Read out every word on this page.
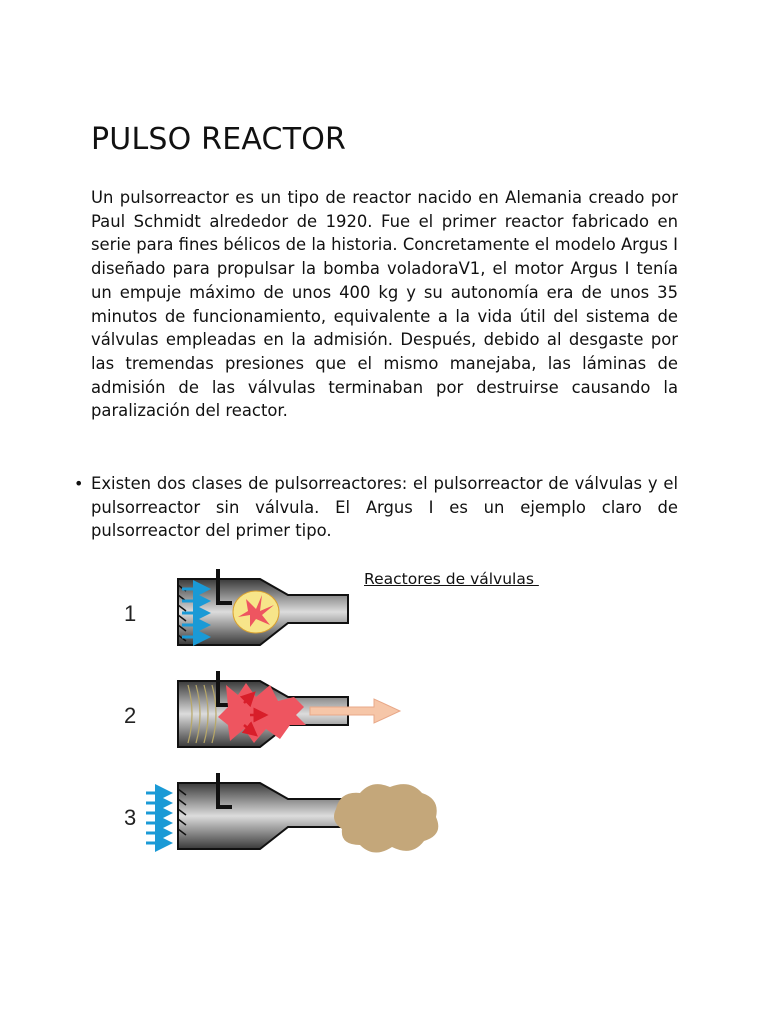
PULSO REACTOR

Un pulsorreactor es un tipo de reactor nacido en Alemania creado por Paul Schmidt alrededor de 1920. Fue el primer reactor fabricado en serie para fines bélicos de la historia. Concretamente el modelo Argus I diseñado para propulsar la bomba voladoraV1, el motor Argus I tenía un empuje máximo de unos 400 kg y su autonomía era de unos 35 minutos de funcionamiento, equivalente a la vida útil del sistema de válvulas empleadas en la admisión. Después, debido al desgaste por las tremendas presiones que el mismo manejaba, las láminas de admisión de las válvulas terminaban por destruirse causando la paralización del reactor.

• Existen dos clases de pulsorreactores: el pulsorreactor de válvulas y el pulsorreactor sin válvula. El Argus I es un ejemplo claro de pulsorreactor del primer tipo.

Reactores de válvulas
1
2
3
